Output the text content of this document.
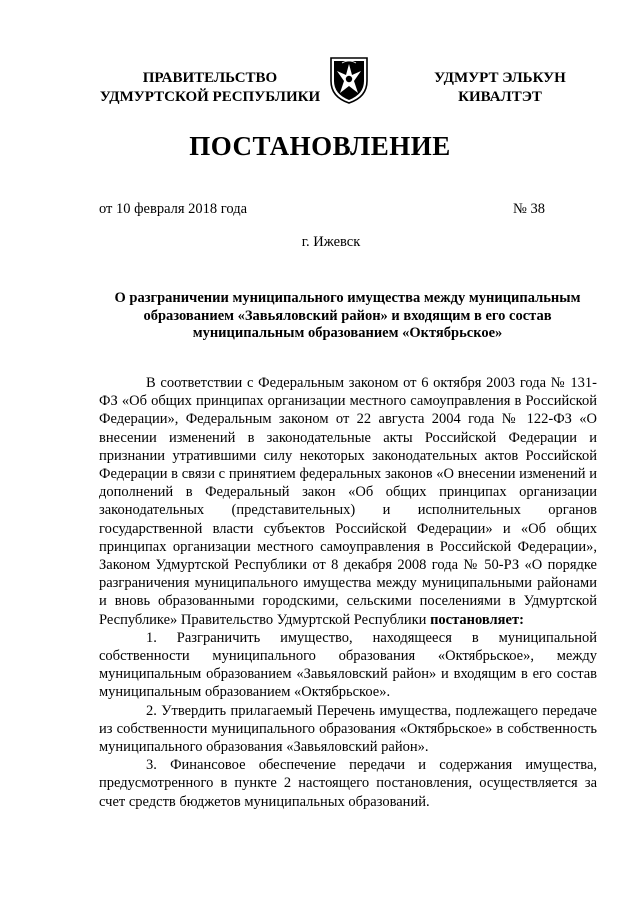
ПРАВИТЕЛЬСТВО
УДМУРТСКОЙ РЕСПУБЛИКИ
УДМУРТ ЭЛЬКУН
КИВАЛТЭТ
ПОСТАНОВЛЕНИЕ
от 10 февраля 2018 года	№ 38
г. Ижевск
О разграничении муниципального имущества между муниципальным
образованием «Завьяловский район» и входящим в его состав
муниципальным образованием «Октябрьское»

В соответствии с Федеральным законом от 6 октября 2003 года № 131-ФЗ «Об общих принципах организации местного самоуправления в Российской Федерации», Федеральным законом от 22 августа 2004 года № 122-ФЗ «О внесении изменений в законодательные акты Российской Федерации и признании утратившими силу некоторых законодательных актов Российской Федерации в связи с принятием федеральных законов «О внесении изменений и дополнений в Федеральный закон «Об общих принципах организации законодательных (представительных) и исполнительных органов государственной власти субъектов Российской Федерации» и «Об общих принципах организации местного самоуправления в Российской Федерации», Законом Удмуртской Республики от 8 декабря 2008 года № 50-РЗ «О порядке разграничения муниципального имущества между муниципальными районами и вновь образованными городскими, сельскими поселениями в Удмуртской Республике» Правительство Удмуртской Республики постановляет:

1. Разграничить имущество, находящееся в муниципальной собственности муниципального образования «Октябрьское», между муниципальным образованием «Завьяловский район» и входящим в его состав муниципальным образованием «Октябрьское».

2. Утвердить прилагаемый Перечень имущества, подлежащего передаче из собственности муниципального образования «Октябрьское» в собственность муниципального образования «Завьяловский район».

3. Финансовое обеспечение передачи и содержания имущества, предусмотренного в пункте 2 настоящего постановления, осуществляется за счет средств бюджетов муниципальных образований.
